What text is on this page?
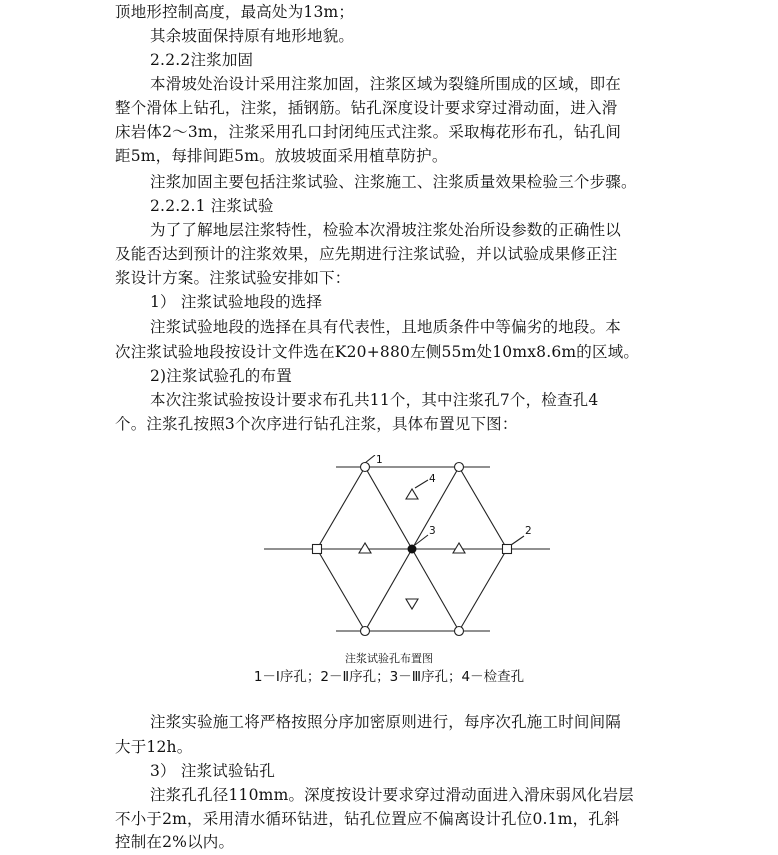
顶地形控制高度，最高处为13m；
其余坡面保持原有地形地貌。
2.2.2注浆加固
本滑坡处治设计采用注浆加固，注浆区域为裂缝所围成的区域，即在
整个滑体上钻孔，注浆，插钢筋。钻孔深度设计要求穿过滑动面，进入滑
床岩体2～3m，注浆采用孔口封闭纯压式注浆。采取梅花形布孔，钻孔间
距5m，每排间距5m。放坡坡面采用植草防护。
注浆加固主要包括注浆试验、注浆施工、注浆质量效果检验三个步骤。
2.2.2.1 注浆试验
为了了解地层注浆特性，检验本次滑坡注浆处治所设参数的正确性以
及能否达到预计的注浆效果，应先期进行注浆试验，并以试验成果修正注
浆设计方案。注浆试验安排如下：
1） 注浆试验地段的选择
注浆试验地段的选择在具有代表性，且地质条件中等偏劣的地段。本
次注浆试验地段按设计文件选在K20+880左侧55m处10mx8.6m的区域。
2)注浆试验孔的布置
本次注浆试验按设计要求布孔共11个，其中注浆孔7个，检查孔4
个。注浆孔按照3个次序进行钻孔注浆，具体布置见下图：
1
2
3
4
注浆试验孔布置图
1－Ⅰ序孔；2－Ⅱ序孔；3－Ⅲ序孔；4－检查孔
注浆实验施工将严格按照分序加密原则进行，每序次孔施工时间间隔
大于12h。
3） 注浆试验钻孔
注浆孔孔径110mm。深度按设计要求穿过滑动面进入滑床弱风化岩层
不小于2m，采用清水循环钻进，钻孔位置应不偏离设计孔位0.1m，孔斜
控制在2%以内。
